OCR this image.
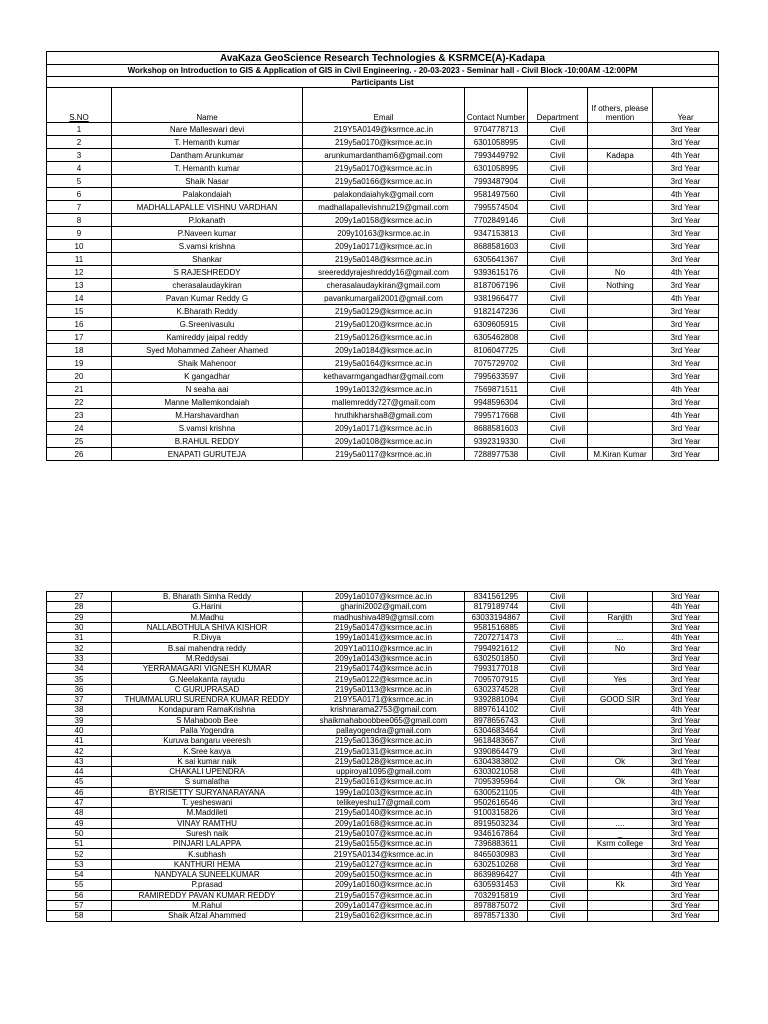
AvaKaza GeoScience Research Technologies & KSRMCE(A)-Kadapa						
Workshop on Introduction to GIS & Application of GIS in Civil Engineering. - 20-03-2023 - Seminar hall - Civil Block -10:00AM -12:00PM						
Participants List						
S.NO	Name	Email	Contact Number	Department	If others, please mention	Year
1	Nare Malleswari devi	219Y5A0149@ksrmce.ac.in	9704778713	Civil		3rd Year
2	T. Hemanth kumar	219y5a0170@ksrmce.ac.in	6301058995	Civil		3rd Year
3	Dantham Arunkumar	arunkumardantham6@gmail.com	7993449792	Civil	Kadapa	4th Year
4	T. Hemanth kumar	219y5a0170@ksrmce.ac.in	6301058995	Civil		3rd Year
5	Shaik Nasar	219y5a0166@ksrmce.ac.in	7993487904	Civil		3rd Year
6	Palakondaiah	palakondaiahyk@gmail.com	9581497560	Civil		4th Year
7	MADHALLAPALLE VISHNU VARDHAN	madhallapallevishnu219@gmail.com	7995574504	Civil		3rd Year
8	P.lokanath	209y1a0158@ksrmce.ac.in	7702849146	Civil		3rd Year
9	P.Naveen kumar	209y10163@ksrmce.ac.in	9347153813	Civil		3rd Year
10	S.vamsi krishna	209y1a0171@ksrmce.ac.in	8688581603	Civil		3rd Year
11	Shankar	219y5a0148@ksrmce.ac.in	6305641367	Civil		3rd Year
12	S RAJESHREDDY	sreereddyrajeshreddy16@gmail.com	9393615176	Civil	No	4th Year
13	cherasalaudaykiran	cherasalaudaykiran@gmail.com	8187067196	Civil	Nothing	3rd Year
14	Pavan Kumar Reddy G	pavankumargali2001@gmail.com	9381966477	Civil		4th Year
15	K.Bharath Reddy	219y5a0129@ksrmce.ac.in	9182147236	Civil		3rd Year
16	G.Sreenivasulu	219y5a0120@ksrmce.ac.in	6309605915	Civil		3rd Year
17	Kamireddy jaipal reddy	219y5a0126@ksrmce.ac.in	6305462808	Civil		3rd Year
18	Syed Mohammed Zaheer Ahamed	209y1a0184@ksrmce.ac.in	8106047725	Civil		3rd Year
19	Shaik Mahenoor	219y5a0164@ksrmce.ac.in	7075729702	Civil		3rd Year
20	K gangadhar	kethavarmgangadhar@gmail.com	7995633597	Civil		3rd Year
21	N seaha aai	199y1a0132@ksrmce.ac.in	7569871511	Civil		4th Year
22	Manne Mallemkondaiah	mallemreddy727@gmail.com	9948596304	Civil		3rd Year
23	M.Harshavardhan	hruthikharsha8@gmail.com	7995717668	Civil		4th Year
24	S.vamsi krishna	209y1a0171@ksrmce.ac.in	8688581603	Civil		3rd Year
25	B.RAHUL REDDY	209y1a0108@ksrmce.ac.in	9392319330	Civil		3rd Year
26	ENAPATI GURUTEJA	219y5a0117@ksrmce.ac.in	7288977538	Civil	M.Kiran Kumar	3rd Year
27	B. Bharath Simha Reddy	209y1a0107@ksrmce.ac.in	8341561295	Civil		3rd Year
28	G.Harini	gharini2002@gmail.com	8179189744	Civil		4th Year
29	M.Madhu	madhushiva489@gmsil.com	63033194867	Civil	Ranjith	3rd Year
30	NALLABOTHULA SHIVA KISHOR	219y5a0147@ksrmce.ac.in	9581516885	Civil		3rd Year
31	R.Divya	199y1a0141@ksrmce.ac.in	7207271473	Civil	...	4th Year
32	B.sai mahendra reddy	209Y1a0110@ksrmce.ac.in	7994921612	Civil	No	3rd Year
33	M.Reddysai	209y1a0143@ksrmce.ac.in	6302501850	Civil		3rd Year
34	YERRAMAGARI VIGNESH KUMAR	219y5a0174@ksrmce.ac.in	7993177018	Civil		3rd Year
35	G.Neelakanta rayudu	219y5a0122@ksrmce.ac.in	7095707915	Civil	Yes	3rd Year
36	C GURUPRASAD	219y5a0113@ksrmce.ac.in	6302374528	Civil		3rd Year
37	THUMMALURU SURENDRA KUMAR REDDY	219Y5A0171@ksrmce.ac.in	9392881094	Civil	GOOD SIR	3rd Year
38	Kondapuram RamaKrishna	krishnarama2753@gmail.com	8897614102	Civil		4th Year
39	S Mahaboob Bee	shaikmahaboobbee065@gmail.com	8978656743	Civil		3rd Year
40	Palla Yogendra	pallayogendra@gmail.com	6304683464	Civil		3rd Year
41	Kuruva bangaru veeresh	219y5a0136@ksrmce.ac.in	9618483667	Civil		3rd Year
42	K.Sree kavya	219y5a0131@ksrmce.ac.in	9390864479	Civil		3rd Year
43	K sai kumar naik	219y5a0128@ksrmce.ac.in	6304383802	Civil	Ok	3rd Year
44	CHAKALI UPENDRA	uppiroyal1095@gmail.com	6303021058	Civil		4th Year
45	S sumalatha	219y5a0161@ksrmce.ac.in	7095395964	Civil	Ok	3rd Year
46	BYRISETTY SURYANARAYANA	199y1a0103@ksrmce.ac.in	6300521105	Civil		4th Year
47	T. yesheswani	telikeyeshu17@gmail.com	9502616546	Civil		3rd Year
48	M.Maddileti	219y5a0140@ksrmce.ac.in	9100315826	Civil		3rd Year
49	VINAY RAMTHU	209y1a0168@ksrmce.ac.in	8919503234	Civil	....	3rd Year
50	Suresh naik	219y5a0107@ksrmce.ac.in	9346167864	Civil	_	3rd Year
51	PINJARI LALAPPA	219y5a0155@ksrmce.ac.in	7396883611	Civil	Ksrm college	3rd Year
52	K.subhash	219Y5A0134@ksrmce.ac.in	8465030983	Civil		3rd Year
53	KANTHURI HEMA	219y5a0127@ksrmce.ac.in	6302510268	Civil		3rd Year
54	NANDYALA SUNEELKUMAR	209y5a0150@ksrmce.ac.in	8639896427	Civil		4th Year
55	P.prasad	209y1a0160@ksrmce.ac.in	6305931453	Civil	Kk	3rd Year
56	RAMIREDDY PAVAN KUMAR REDDY	219y5a0157@ksrmce.ac.in	7032915819	Civil		3rd Year
57	M.Rahul	209y1a0147@ksrmce.ac.in	8978875072	Civil		3rd Year
58	Shaik Afzal Ahammed	219y5a0162@ksrmce.ac.in	8978571330	Civil		3rd Year
